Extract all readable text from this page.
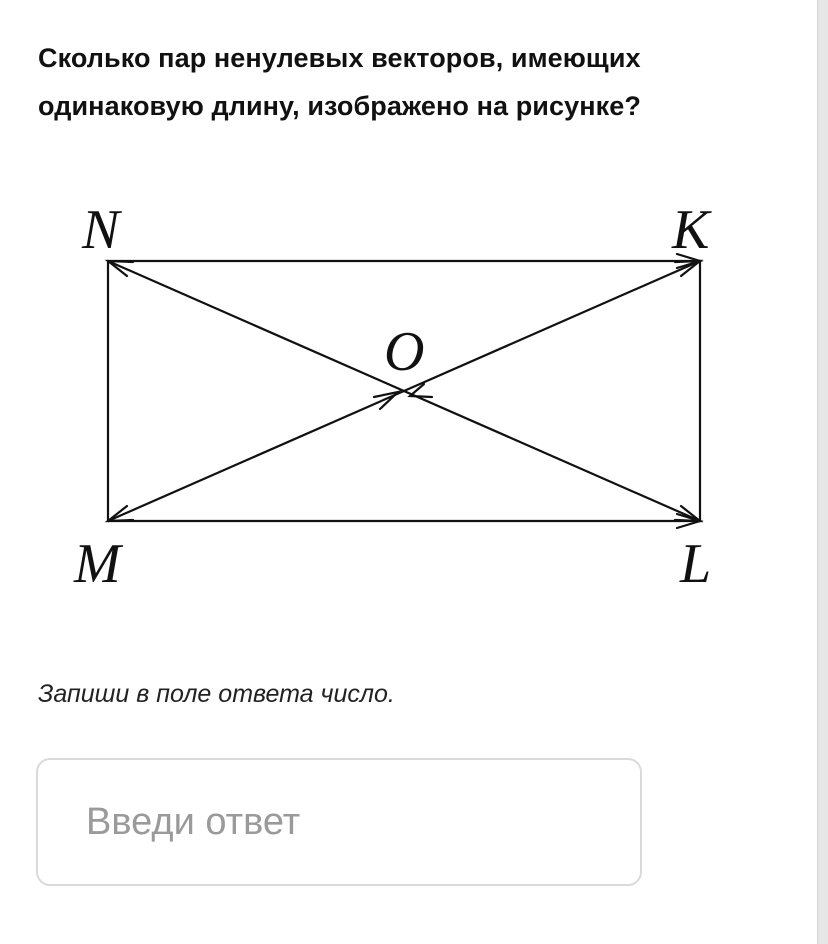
Сколько пар ненулевых векторов, имеющих одинаковую длину, изображено на рисунке?

N	K
O
M	L

Запиши в поле ответа число.

Введи ответ
